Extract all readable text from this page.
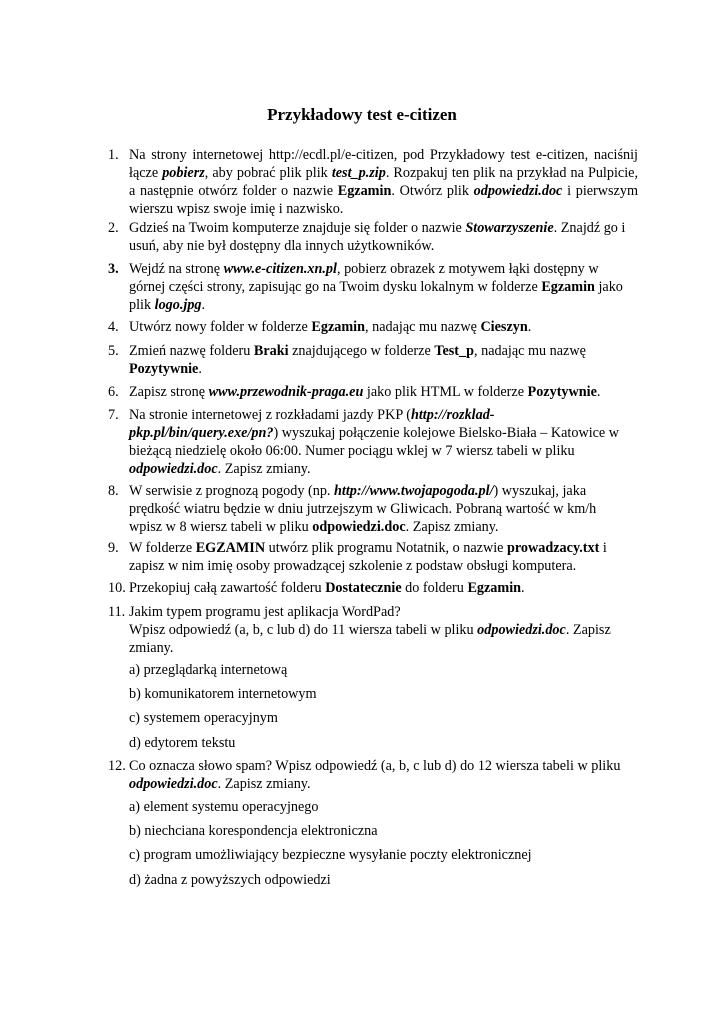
Przykładowy test e-citizen
1. Na strony internetowej http://ecdl.pl/e-citizen, pod Przykładowy test e-citizen, naciśnij łącze pobierz, aby pobrać plik plik test_p.zip. Rozpakuj ten plik na przykład na Pulpicie, a następnie otwórz folder o nazwie Egzamin. Otwórz plik odpowiedzi.doc i pierwszym wierszu wpisz swoje imię i nazwisko.
2. Gdzieś na Twoim komputerze znajduje się folder o nazwie Stowarzyszenie. Znajdź go i usuń, aby nie był dostępny dla innych użytkowników.
3. Wejdź na stronę www.e-citizen.xn.pl, pobierz obrazek z motywem łąki dostępny w górnej części strony, zapisując go na Twoim dysku lokalnym w folderze Egzamin jako plik logo.jpg.
4. Utwórz nowy folder w folderze Egzamin, nadając mu nazwę Cieszyn.
5. Zmień nazwę folderu Braki znajdującego w folderze Test_p, nadając mu nazwę Pozytywnie.
6. Zapisz stronę www.przewodnik-praga.eu jako plik HTML w folderze Pozytywnie.
7. Na stronie internetowej z rozkładami jazdy PKP (http://rozklad-pkp.pl/bin/query.exe/pn?) wyszukaj połączenie kolejowe Bielsko-Biała – Katowice w bieżącą niedzielę około 06:00. Numer pociągu wklej w 7 wiersz tabeli w pliku odpowiedzi.doc. Zapisz zmiany.
8. W serwisie z prognozą pogody (np. http://www.twojapogoda.pl/) wyszukaj, jaka prędkość wiatru będzie w dniu jutrzejszym w Gliwicach. Pobraną wartość w km/h wpisz w 8 wiersz tabeli w pliku odpowiedzi.doc. Zapisz zmiany.
9. W folderze EGZAMIN utwórz plik programu Notatnik, o nazwie prowadzacy.txt i zapisz w nim imię osoby prowadzącej szkolenie z podstaw obsługi komputera.
10. Przekopiuj całą zawartość folderu Dostatecznie do folderu Egzamin.
11. Jakim typem programu jest aplikacja WordPad?
Wpisz odpowiedź (a, b, c lub d) do 11 wiersza tabeli w pliku odpowiedzi.doc. Zapisz zmiany.
a) przeglądarką internetową
b) komunikatorem internetowym
c) systemem operacyjnym
d) edytorem tekstu
12. Co oznacza słowo spam? Wpisz odpowiedź (a, b, c lub d) do 12 wiersza tabeli w pliku odpowiedzi.doc. Zapisz zmiany.
a) element systemu operacyjnego
b) niechciana korespondencja elektroniczna
c) program umożliwiający bezpieczne wysyłanie poczty elektronicznej
d) żadna z powyższych odpowiedzi
